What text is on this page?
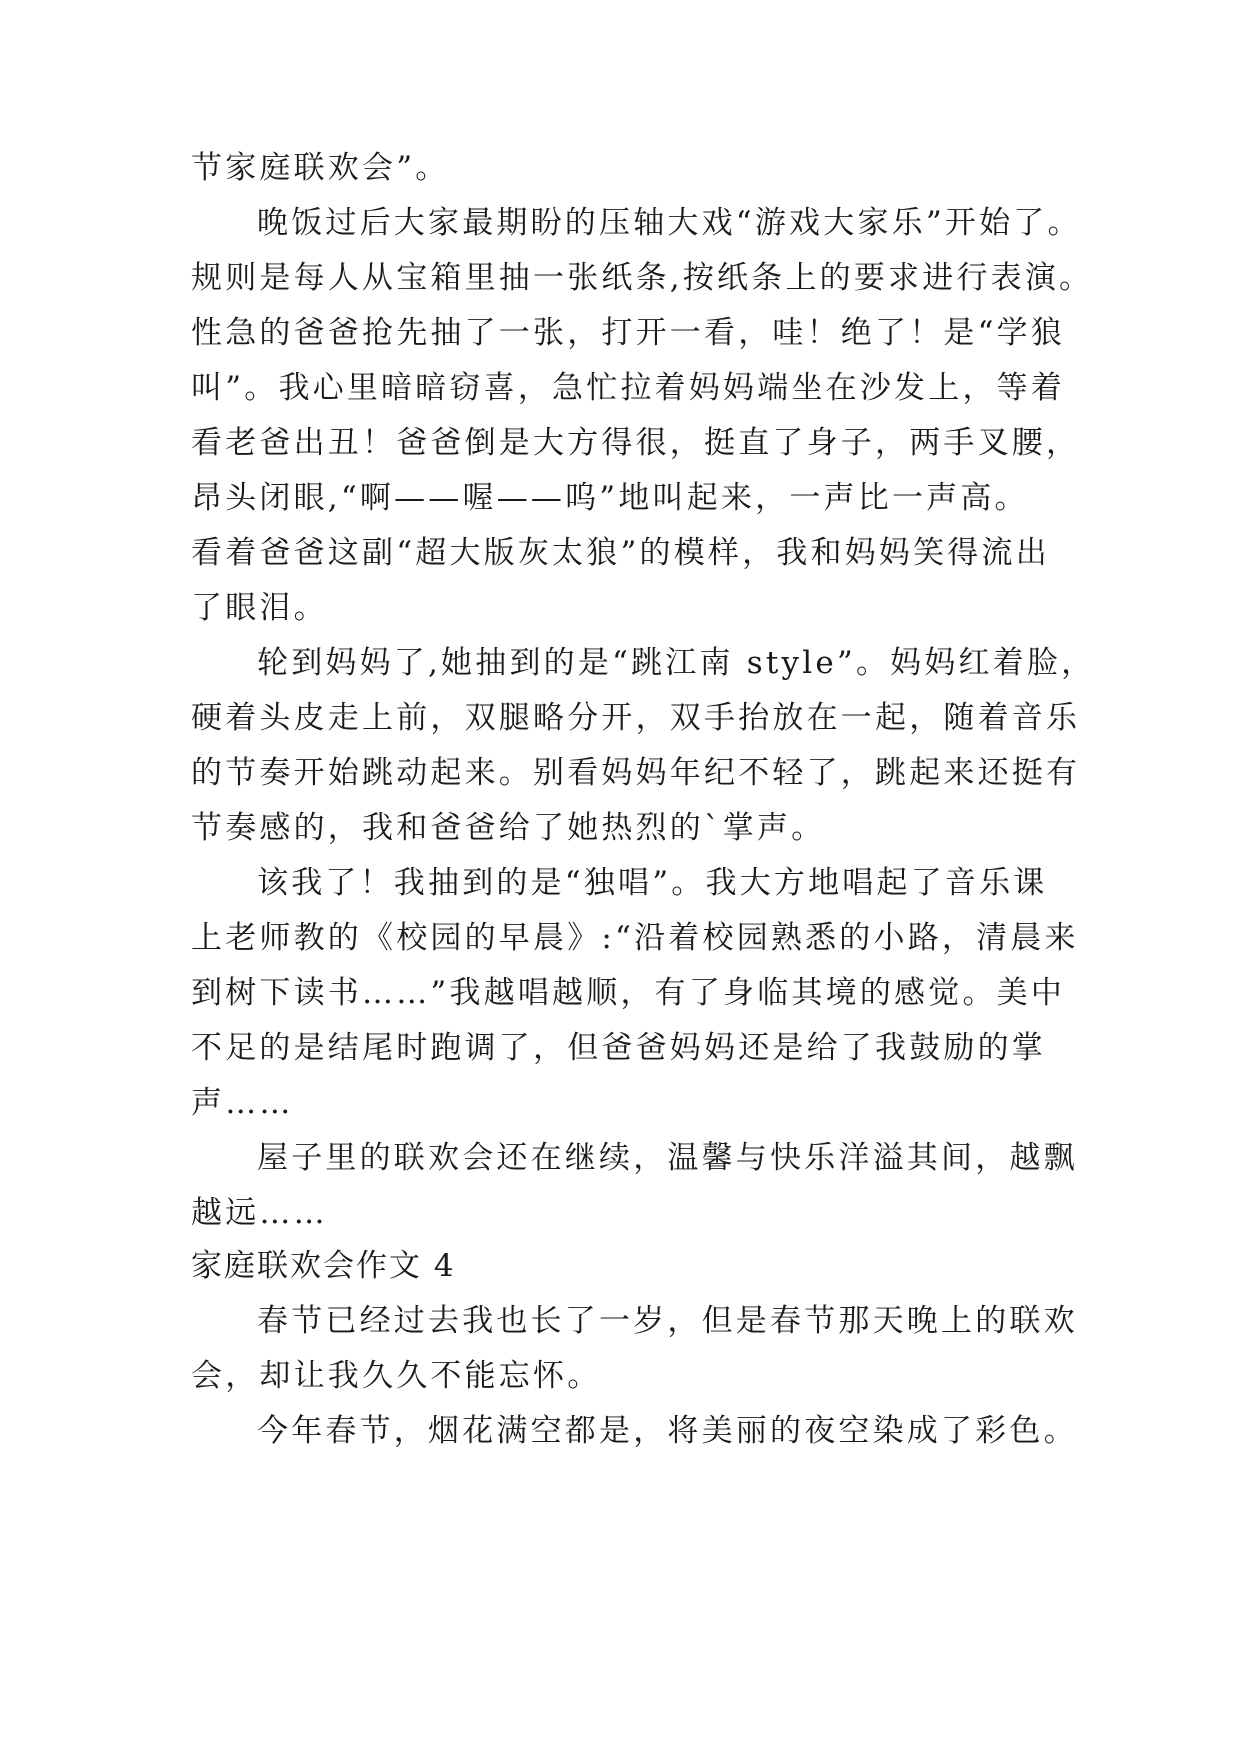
节家庭联欢会”。
晚饭过后大家最期盼的压轴大戏“游戏大家乐”开始了。
规则是每人从宝箱里抽一张纸条,按纸条上的要求进行表演。
性急的爸爸抢先抽了一张，打开一看，哇！绝了！是“学狼
叫”。我心里暗暗窃喜，急忙拉着妈妈端坐在沙发上，等着
看老爸出丑！爸爸倒是大方得很，挺直了身子，两手叉腰，
昂头闭眼,“啊——喔——呜”地叫起来，一声比一声高。
看着爸爸这副“超大版灰太狼”的模样，我和妈妈笑得流出
了眼泪。
轮到妈妈了,她抽到的是“跳江南 style”。妈妈红着脸，
硬着头皮走上前，双腿略分开，双手抬放在一起，随着音乐
的节奏开始跳动起来。别看妈妈年纪不轻了，跳起来还挺有
节奏感的，我和爸爸给了她热烈的`掌声。
该我了！我抽到的是“独唱”。我大方地唱起了音乐课
上老师教的《校园的早晨》:“沿着校园熟悉的小路，清晨来
到树下读书……”我越唱越顺，有了身临其境的感觉。美中
不足的是结尾时跑调了，但爸爸妈妈还是给了我鼓励的掌
声……
屋子里的联欢会还在继续，温馨与快乐洋溢其间，越飘
越远……
家庭联欢会作文 4
春节已经过去我也长了一岁，但是春节那天晚上的联欢
会，却让我久久不能忘怀。
今年春节，烟花满空都是，将美丽的夜空染成了彩色。
